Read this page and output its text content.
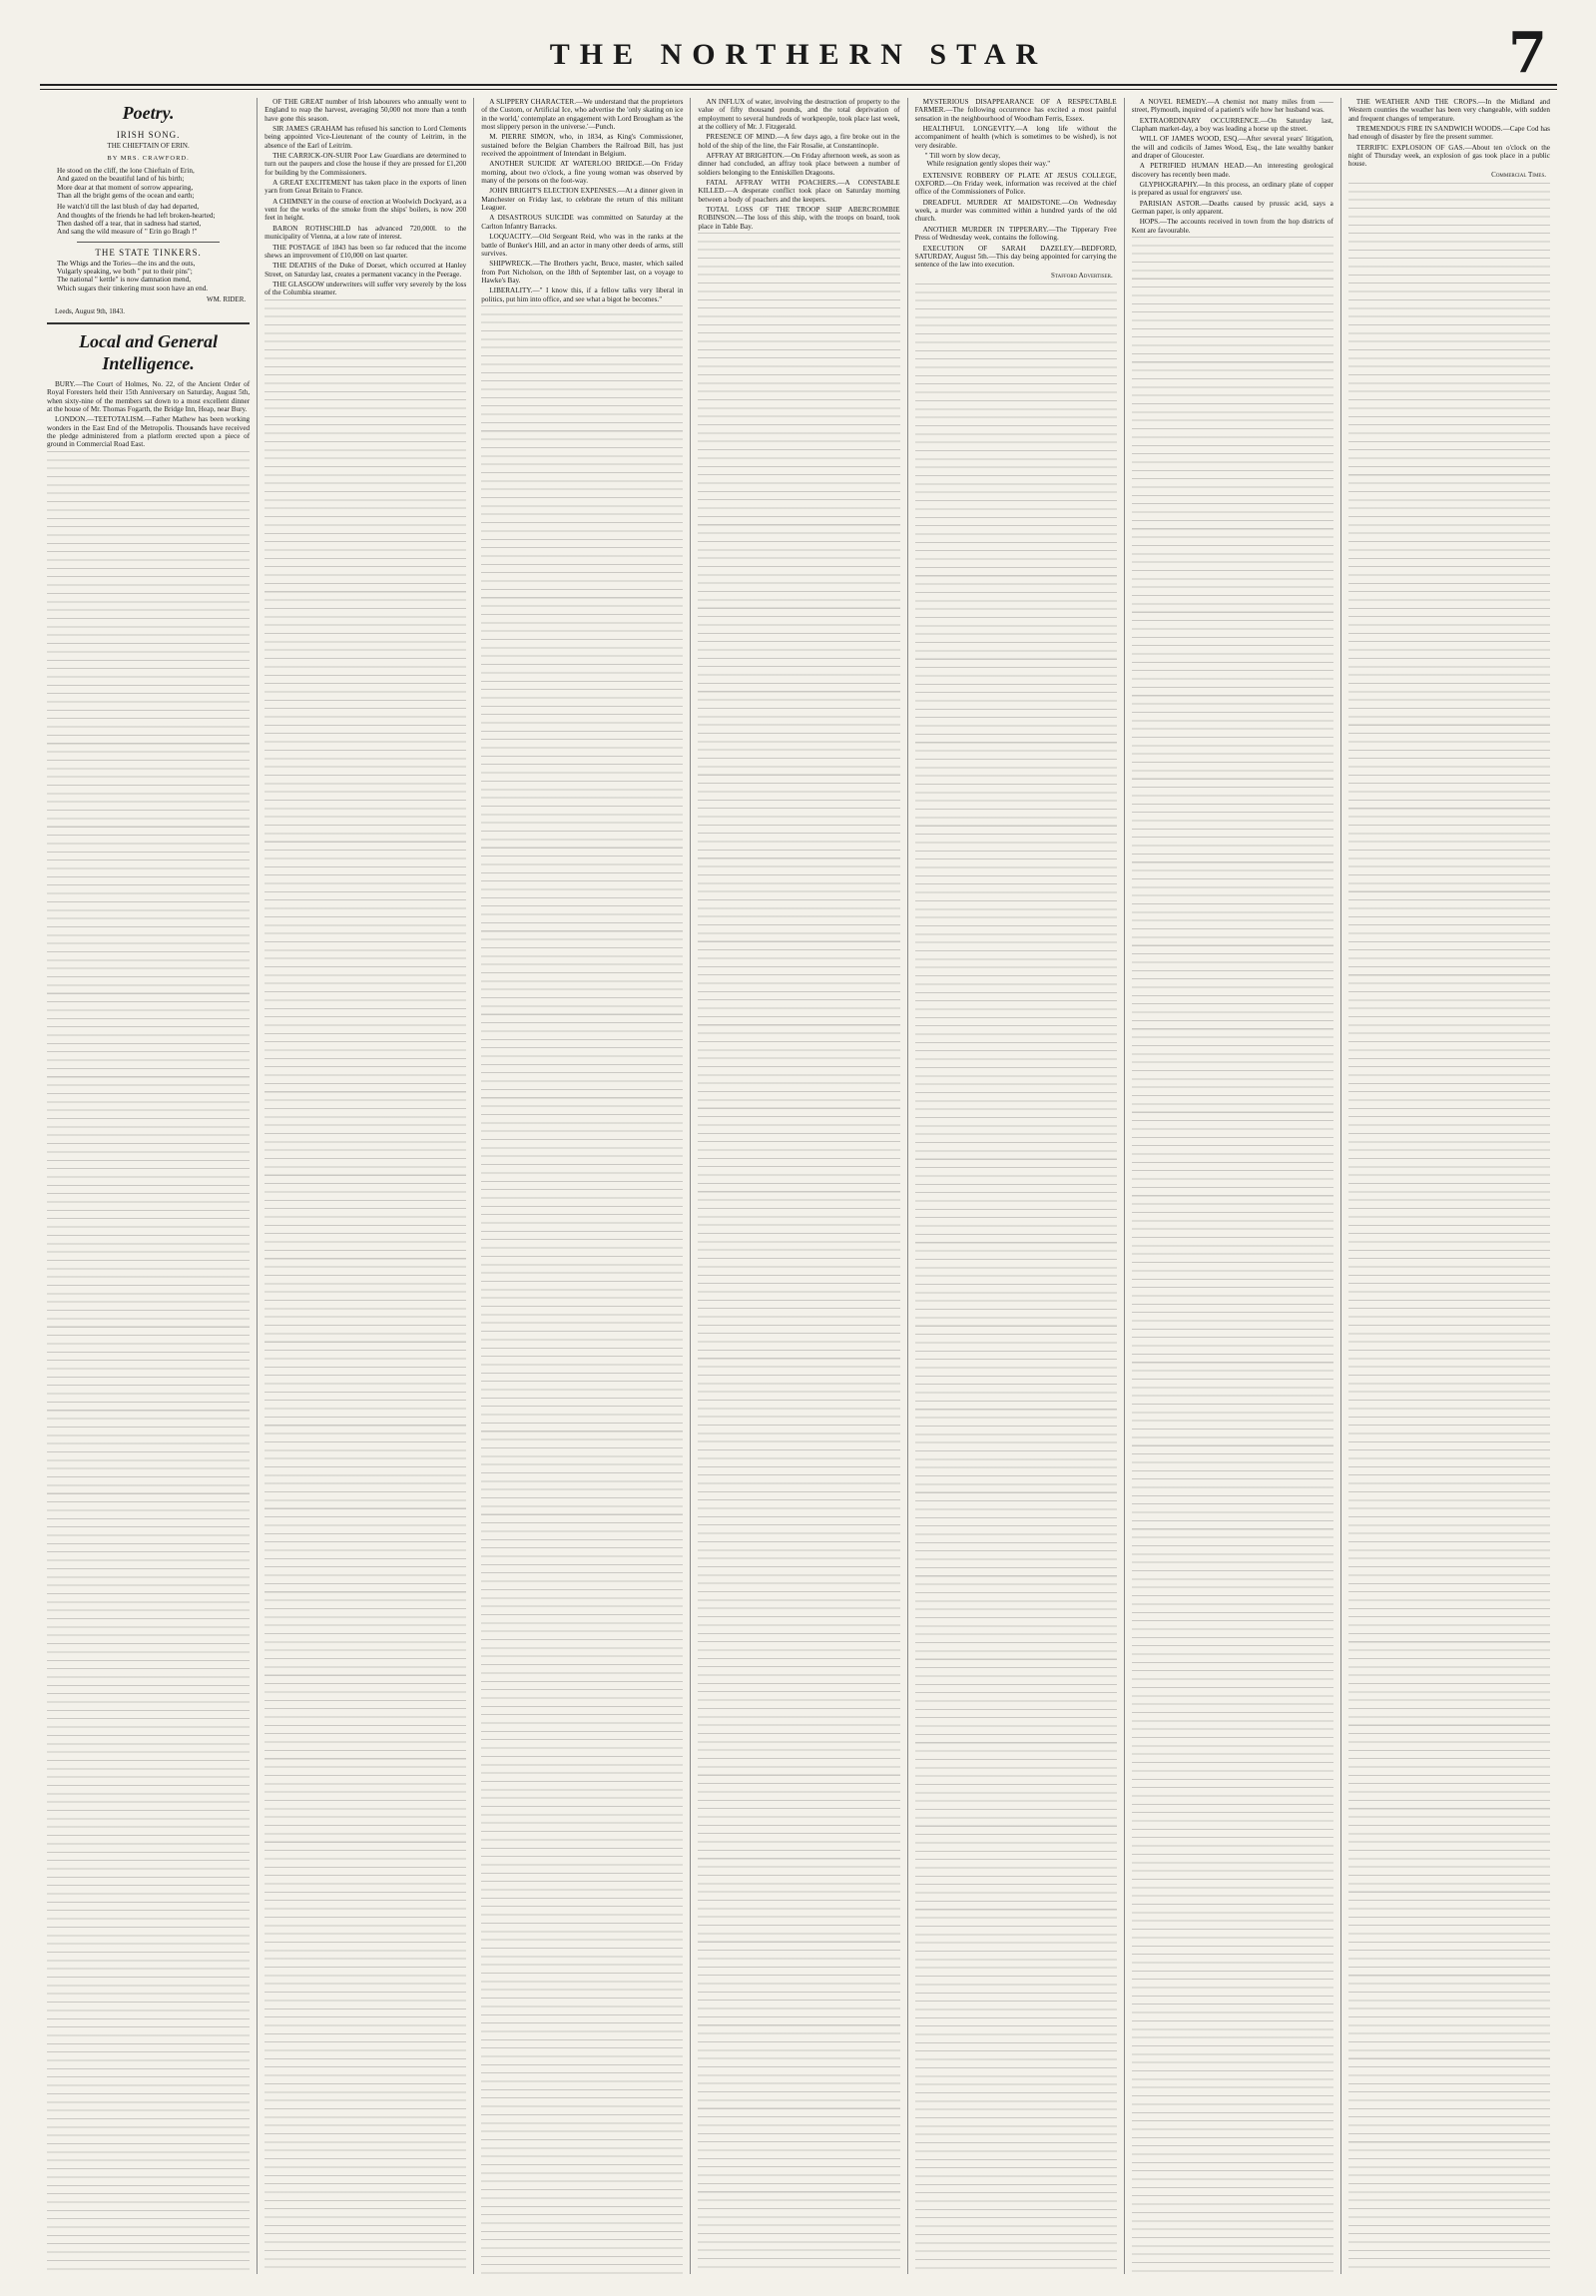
THE NORTHERN STAR	7
Poetry.
IRISH SONG.
THE CHIEFTAIN OF ERIN.
BY MRS. CRAWFORD.
He stood on the cliff, the lone Chieftain of Erin,
And gazed on the beautiful land of his birth;
More dear at that moment of sorrow appearing,
Than all the bright gems of the ocean and earth;
He watch'd till the last blush of day had departed,
And thoughts of the friends he had left broken-hearted;
Then dashed off a tear, that in sadness had started,
And sang the wild measure of " Erin go Bragh !"
THE STATE TINKERS.
The Whigs and the Tories—the ins and the outs,
Vulgarly speaking, we both " put to their pins";
The national " kettle" is now damnation mend,
Which sugars their tinkering must soon have an end.
WM. RIDER.
Leeds, August 9th, 1843.
Local and General Intelligence.

BURY.—The Court of Holmes, No. 22, of the Ancient Order of Royal Foresters held their 15th Anniversary on Saturday, August 5th, when sixty-nine of the members sat down to a most excellent dinner at the house of Mr. Thomas Fogarth, the Bridge Inn, Heap, near Bury.

LONDON.—TEETOTALISM.—Father Mathew has been working wonders in the East End of the Metropolis. Thousands have received the pledge administered from a platform erected upon a piece of ground in Commercial Road East.

OF THE GREAT number of Irish labourers who annually went to England to reap the harvest, averaging 50,000 not more than a tenth have gone this season.

SIR JAMES GRAHAM has refused his sanction to Lord Clements being appointed Vice-Lieutenant of the county of Leitrim, in the absence of the Earl of Leitrim.

THE CARRICK-ON-SUIR Poor Law Guardians are determined to turn out the paupers and close the house if they are pressed for £1,200 for building by the Commissioners.

A GREAT EXCITEMENT has taken place in the exports of linen yarn from Great Britain to France.

A CHIMNEY in the course of erection at Woolwich Dockyard, as a vent for the works of the smoke from the ships' boilers, is now 200 feet in height.

BARON ROTHSCHILD has advanced 720,000l. to the municipality of Vienna, at a low rate of interest.

THE POSTAGE of 1843 has been so far reduced that the income shews an improvement of £10,000 on last quarter.

THE DEATHS of the Duke of Dorset, which occurred at Hanley Street, on Saturday last, creates a permanent vacancy in the Peerage.

THE GLASGOW underwriters will suffer very severely by the loss of the Columbia steamer.

A SLIPPERY CHARACTER.—We understand that the proprietors of the Custom, or Artificial Ice, who advertise the 'only skating on ice in the world,' contemplate an engagement with Lord Brougham as 'the most slippery person in the universe.'—Punch.

M. PIERRE SIMON, who, in 1834, as King's Commissioner, sustained before the Belgian Chambers the Railroad Bill, has just received the appointment of Intendant in Belgium.

ANOTHER SUICIDE AT WATERLOO BRIDGE.—On Friday morning, about two o'clock, a fine young woman was observed by many of the persons on the foot-way.

JOHN BRIGHT'S ELECTION EXPENSES.—At a dinner given in Manchester on Friday last, to celebrate the return of this militant Leaguer.

A DISASTROUS SUICIDE was committed on Saturday at the Carlton Infantry Barracks.

LOQUACITY.—Old Sergeant Reid, who was in the ranks at the battle of Bunker's Hill, and an actor in many other deeds of arms, still survives.

SHIPWRECK.—The Brothers yacht, Bruce, master, which sailed from Port Nicholson, on the 18th of September last, on a voyage to Hawke's Bay.

LIBERALITY.—" I know this, if a fellow talks very liberal in politics, put him into office, and see what a bigot he becomes."

AN INFLUX of water, involving the destruction of property to the value of fifty thousand pounds, and the total deprivation of employment to several hundreds of workpeople, took place last week, at the colliery of Mr. J. Fitzgerald.

PRESENCE OF MIND.—A few days ago, a fire broke out in the hold of the ship of the line, the Fair Rosalie, at Constantinople.

AFFRAY AT BRIGHTON.—On Friday afternoon week, as soon as dinner had concluded, an affray took place between a number of soldiers belonging to the Enniskillen Dragoons.

FATAL AFFRAY WITH POACHERS.—A CONSTABLE KILLED.—A desperate conflict took place on Saturday morning between a body of poachers and the keepers.

TOTAL LOSS OF THE TROOP SHIP ABERCROMBIE ROBINSON.—The loss of this ship, with the troops on board, took place in Table Bay.

MYSTERIOUS DISAPPEARANCE OF A RESPECTABLE FARMER.—The following occurrence has excited a most painful sensation in the neighbourhood of Woodham Ferris, Essex.

HEALTHFUL LONGEVITY.—A long life without the accompaniment of health (which is sometimes to be wished), is not very desirable.

" Till worn by slow decay,
While resignation gently slopes their way."

EXTENSIVE ROBBERY OF PLATE AT JESUS COLLEGE, OXFORD.—On Friday week, information was received at the chief office of the Commissioners of Police.

DREADFUL MURDER AT MAIDSTONE.—On Wednesday week, a murder was committed within a hundred yards of the old church.

ANOTHER MURDER IN TIPPERARY.—The Tipperary Free Press of Wednesday week, contains the following.

EXECUTION OF SARAH DAZELEY.—BEDFORD, SATURDAY, August 5th.—This day being appointed for carrying the sentence of the law into execution.

Stafford Advertiser.

A NOVEL REMEDY.—A chemist not many miles from —— street, Plymouth, inquired of a patient's wife how her husband was.

EXTRAORDINARY OCCURRENCE.—On Saturday last, Clapham market-day, a boy was leading a horse up the street.

WILL OF JAMES WOOD, ESQ.—After several years' litigation, the will and codicils of James Wood, Esq., the late wealthy banker and draper of Gloucester.

A PETRIFIED HUMAN HEAD.—An interesting geological discovery has recently been made.

GLYPHOGRAPHY.—In this process, an ordinary plate of copper is prepared as usual for engravers' use.

PARISIAN ASTOR.—Deaths caused by prussic acid, says a German paper, is only apparent.

HOPS.—The accounts received in town from the hop districts of Kent are favourable.

THE WEATHER AND THE CROPS.—In the Midland and Western counties the weather has been very changeable, with sudden and frequent changes of temperature.

TREMENDOUS FIRE IN SANDWICH WOODS.—Cape Cod has had enough of disaster by fire the present summer.

TERRIFIC EXPLOSION OF GAS.—About ten o'clock on the night of Thursday week, an explosion of gas took place in a public house.

Commercial Times.
